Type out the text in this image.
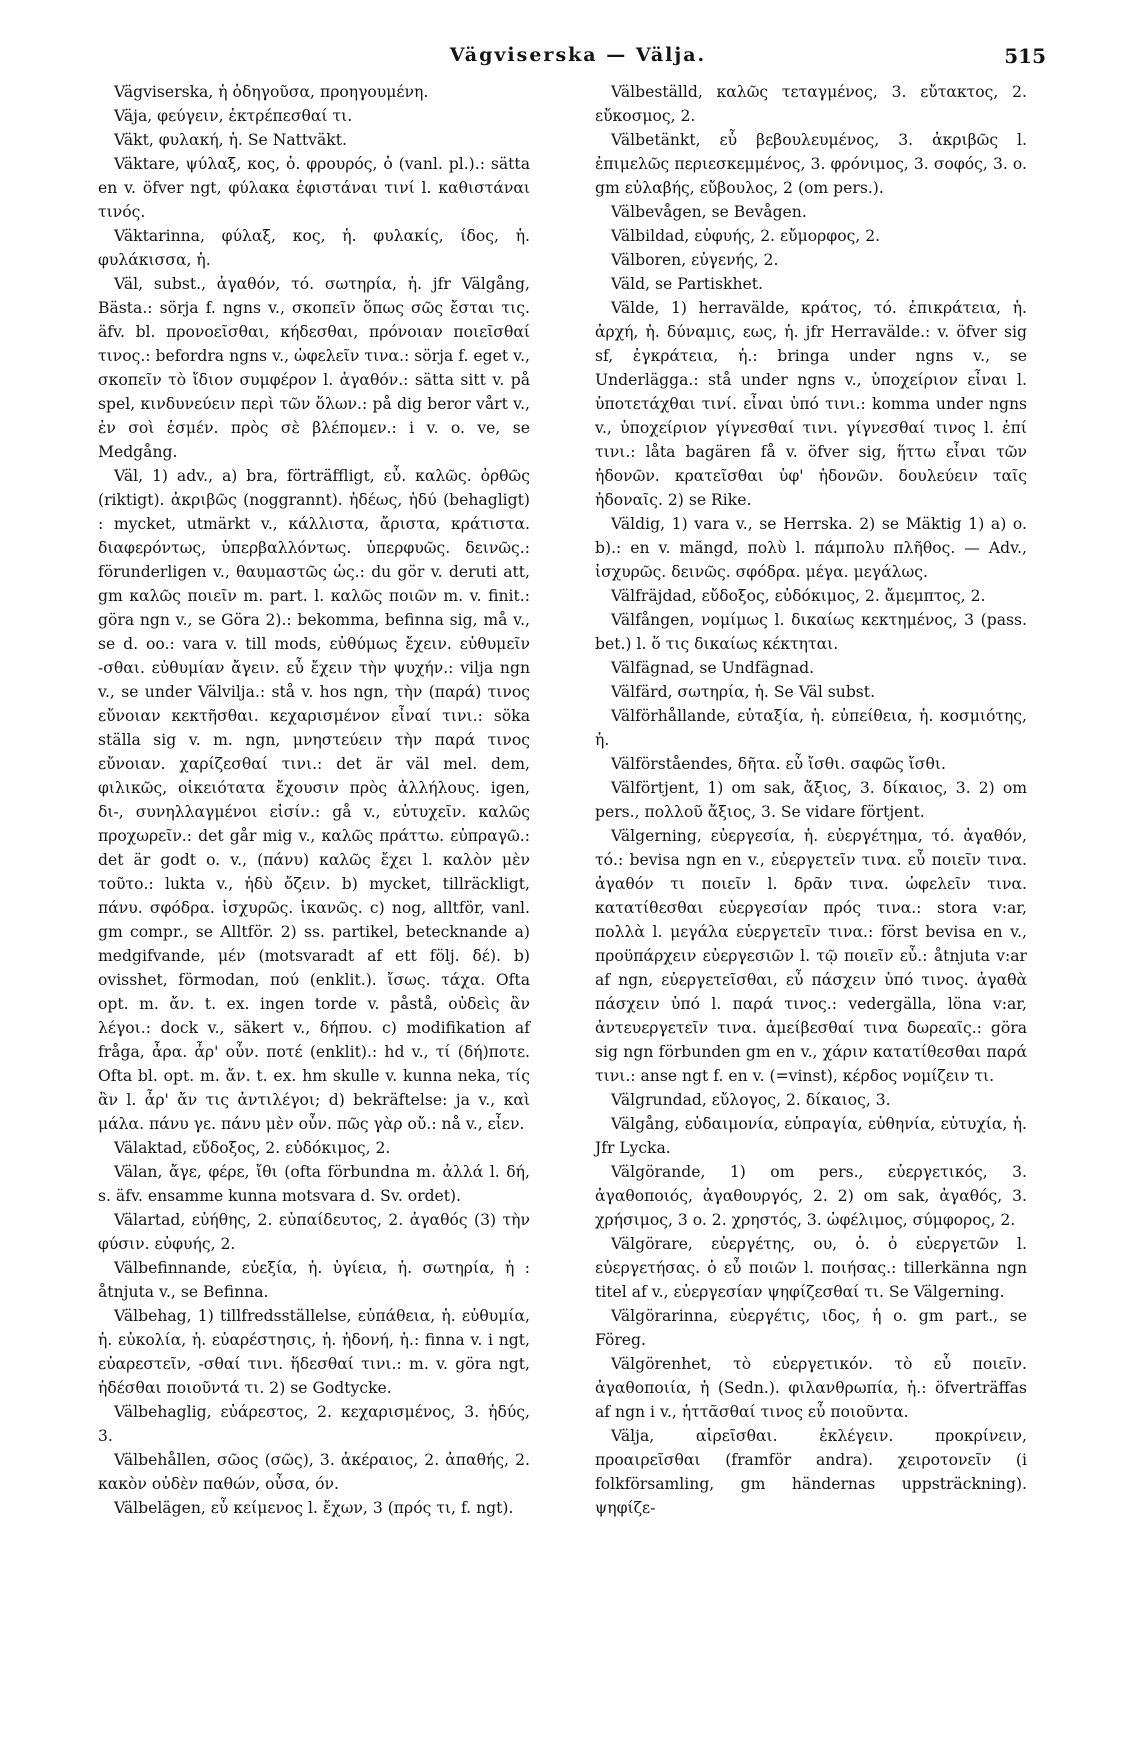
Vägviserska — Välja.	515

Vägviserska, ἡ ὁδηγοῦσα, προηγουμένη.

Väja, φεύγειν, ἐκτρέπεσθαί τι.

Väkt, φυλακή, ἡ. Se Nattväkt.

Väktare, ψύλαξ, κος, ὁ. φρουρός, ὁ (vanl. pl.).: sätta en v. öfver ngt, φύλακα ἐφιστάναι τινί l. καθιστάναι τινός.

Väktarinna, φύλαξ, κος, ἡ. φυλακίς, ίδος, ἡ. φυλάκισσα, ἡ.

Väl, subst., ἀγαθόν, τό. σωτηρία, ἡ. jfr Välgång, Bästa.: sörja f. ngns v., σκοπεῖν ὅπως σῶς ἔσται τις. äfv. bl. προνοεῖσθαι, κήδεσθαι, πρόνοιαν ποιεῖσθαί τινος.: befordra ngns v., ὠφελεῖν τινα.: sörja f. eget v., σκοπεῖν τὸ ἴδιον συμφέρον l. ἀγαθόν.: sätta sitt v. på spel, κινδυνεύειν περὶ τῶν ὅλων.: på dig beror vårt v., ἐν σοὶ ἐσμέν. πρὸς σὲ βλέπομεν.: i v. o. ve, se Medgång.

Väl, 1) adv., a) bra, förträffligt, εὖ. καλῶς. ὀρθῶς (riktigt). ἀκριβῶς (noggrannt). ἡδέως, ἡδύ (behagligt) : mycket, utmärkt v., κάλλιστα, ἄριστα, κράτιστα. διαφερόντως, ὑπερβαλλόντως. ὑπερφυῶς. δεινῶς.: förunderligen v., θαυμαστῶς ὡς.: du gör v. deruti att, gm καλῶς ποιεῖν m. part. l. καλῶς ποιῶν m. v. finit.: göra ngn v., se Göra 2).: bekomma, befinna sig, må v., se d. oo.: vara v. till mods, εὐθύμως ἔχειν. εὐθυμεῖν -σθαι. εὐθυμίαν ἄγειν. εὖ ἔχειν τὴν ψυχήν.: vilja ngn v., se under Välvilja.: stå v. hos ngn, τὴν (παρά) τινος εὔνοιαν κεκτῆσθαι. κεχαρισμένον εἶναί τινι.: söka ställa sig v. m. ngn, μνηστεύειν τὴν παρά τινος εὔνοιαν. χαρίζεσθαί τινι.: det är väl mel. dem, φιλικῶς, οἰκειότατα ἔχουσιν πρὸς ἀλλήλους. igen, δι-, συνηλλαγμένοι εἰσίν.: gå v., εὐτυχεῖν. καλῶς προχωρεῖν.: det går mig v., καλῶς πράττω. εὐπραγῶ.: det är godt o. v., (πάνυ) καλῶς ἔχει l. καλὸν μὲν τοῦτο.: lukta v., ἡδὺ ὄζειν. b) mycket, tillräckligt, πάνυ. σφόδρα. ἰσχυρῶς. ἱκανῶς. c) nog, alltför, vanl. gm compr., se Alltför. 2) ss. partikel, betecknande a) medgifvande, μέν (motsvaradt af ett följ. δέ). b) ovisshet, förmodan, πού (enklit.). ἴσως. τάχα. Ofta opt. m. ἄν. t. ex. ingen torde v. påstå, οὐδεὶς ἂν λέγοι.: dock v., säkert v., δήπου. c) modifikation af fråga, ἆρα. ἆρ' οὖν. ποτέ (enklit).: hd v., τί (δή)ποτε. Ofta bl. opt. m. ἄν. t. ex. hm skulle v. kunna neka, τίς ἂν l. ἆρ' ἄν τις ἀντιλέγοι; d) bekräftelse: ja v., καὶ μάλα. πάνυ γε. πάνυ μὲν οὖν. πῶς γὰρ οὔ.: nå v., εἶεν.

Välaktad, εὔδοξος, 2. εὐδόκιμος, 2.

Välan, ἄγε, φέρε, ἴθι (ofta förbundna m. ἀλλά l. δή, s. äfv. ensamme kunna motsvara d. Sv. ordet).

Välartad, εὐήθης, 2. εὐπαίδευτος, 2. ἀγαθός (3) τὴν φύσιν. εὐφυής, 2.

Välbefinnande, εὐεξία, ἡ. ὑγίεια, ἡ. σωτηρία, ἡ : åtnjuta v., se Befinna.

Välbehag, 1) tillfredsställelse, εὐπάθεια, ἡ. εὐθυμία, ἡ. εὐκολία, ἡ. εὐαρέστησις, ἡ. ἡδονή, ἡ.: finna v. i ngt, εὐαρεστεῖν, -σθαί τινι. ἥδεσθαί τινι.: m. v. göra ngt, ἡδέσθαι ποιοῦντά τι. 2) se Godtycke.

Välbehaglig, εὐάρεστος, 2. κεχαρισμένος, 3. ἡδύς, 3.

Välbehållen, σῶος (σῶς), 3. ἀκέραιος, 2. ἀπαθής, 2. κακὸν οὐδὲν παθών, οὖσα, όν.

Välbelägen, εὖ κείμενος l. ἔχων, 3 (πρός τι, f. ngt).

Välbeställd, καλῶς τεταγμένος, 3. εὔτακτος, 2. εὔκοσμος, 2.

Välbetänkt, εὖ βεβουλευμένος, 3. ἀκριβῶς l. ἐπιμελῶς περιεσκεμμένος, 3. φρόνιμος, 3. σοφός, 3. o. gm εὐλαβής, εὔβουλος, 2 (om pers.).

Välbevågen, se Bevågen.

Välbildad, εὐφυής, 2. εὔμορφος, 2.

Välboren, εὐγενής, 2.

Väld, se Partiskhet.

Välde, 1) herravälde, κράτος, τό. ἐπικράτεια, ἡ. ἀρχή, ἡ. δύναμις, εως, ἡ. jfr Herravälde.: v. öfver sig sf, ἐγκράτεια, ἡ.: bringa under ngns v., se Underlägga.: stå under ngns v., ὑποχείριον εἶναι l. ὑποτετάχθαι τινί. εἶναι ὑπό τινι.: komma under ngns v., ὑποχείριον γίγνεσθαί τινι. γίγνεσθαί τινος l. ἐπί τινι.: låta bagären få v. öfver sig, ἥττω εἶναι τῶν ἡδονῶν. κρατεῖσθαι ὑφ' ἡδονῶν. δουλεύειν ταῖς ἡδοναῖς. 2) se Rike.

Väldig, 1) vara v., se Herrska. 2) se Mäktig 1) a) o. b).: en v. mängd, πολὺ l. πάμπολυ πλῆθος. — Adv., ἰσχυρῶς. δεινῶς. σφόδρα. μέγα. μεγάλως.

Välfräjdad, εὔδοξος, εὐδόκιμος, 2. ἄμεμπτος, 2.

Välfången, νομίμως l. δικαίως κεκτημένος, 3 (pass. bet.) l. ὅ τις δικαίως κέκτηται.

Välfägnad, se Undfägnad.

Välfärd, σωτηρία, ἡ. Se Väl subst.

Välförhållande, εὐταξία, ἡ. εὐπείθεια, ἡ. κοσμιότης, ἡ.

Välförståendes, δῆτα. εὖ ἴσθι. σαφῶς ἴσθι.

Välförtjent, 1) om sak, ἄξιος, 3. δίκαιος, 3. 2) om pers., πολλοῦ ἄξιος, 3. Se vidare förtjent.

Välgerning, εὐεργεσία, ἡ. εὐεργέτημα, τό. ἀγαθόν, τό.: bevisa ngn en v., εὐεργετεῖν τινα. εὖ ποιεῖν τινα. ἀγαθόν τι ποιεῖν l. δρᾶν τινα. ὠφελεῖν τινα. κατατίθεσθαι εὐεργεσίαν πρός τινα.: stora v:ar, πολλὰ l. μεγάλα εὐεργετεῖν τινα.: först bevisa en v., προϋπάρχειν εὐεργεσιῶν l. τῷ ποιεῖν εὖ.: åtnjuta v:ar af ngn, εὐεργετεῖσθαι, εὖ πάσχειν ὑπό τινος. ἀγαθὰ πάσχειν ὑπό l. παρά τινος.: vedergälla, löna v:ar, ἀντευεργετεῖν τινα. ἀμείβεσθαί τινα δωρεαῖς.: göra sig ngn förbunden gm en v., χάριν κατατίθεσθαι παρά τινι.: anse ngt f. en v. (=vinst), κέρδος νομίζειν τι.

Välgrundad, εὔλογος, 2. δίκαιος, 3.

Välgång, εὐδαιμονία, εὐπραγία, εὐθηνία, εὐτυχία, ἡ. Jfr Lycka.

Välgörande, 1) om pers., εὐεργετικός, 3. ἀγαθοποιός, ἀγαθουργός, 2. 2) om sak, ἀγαθός, 3. χρήσιμος, 3 o. 2. χρηστός, 3. ὠφέλιμος, σύμφορος, 2.

Välgörare, εὐεργέτης, ου, ὁ. ὁ εὐεργετῶν l. εὐεργετήσας. ὁ εὖ ποιῶν l. ποιήσας.: tillerkänna ngn titel af v., εὐεργεσίαν ψηφίζεσθαί τι. Se Välgerning.

Välgörarinna, εὐεργέτις, ιδος, ἡ o. gm part., se Föreg.

Välgörenhet, τὸ εὐεργετικόν. τὸ εὖ ποιεῖν. ἀγαθοποιία, ἡ (Sedn.). φιλανθρωπία, ἡ.: öfverträffas af ngn i v., ἡττᾶσθαί τινος εὖ ποιοῦντα.

Välja, αἱρεῖσθαι. ἐκλέγειν. προκρίνειν, προαιρεῖσθαι (framför andra). χειροτονεῖν (i folkförsamling, gm händernas uppsträckning). ψηφίζε-
